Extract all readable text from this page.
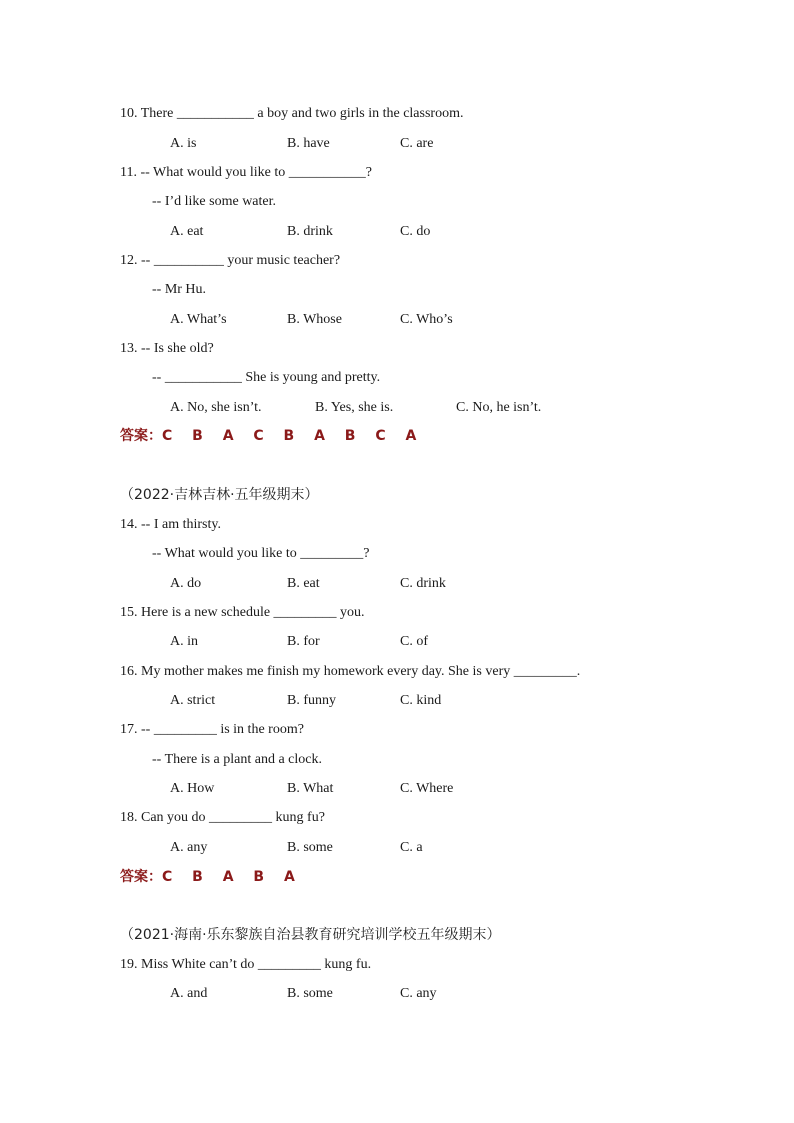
10. There ___________ a boy and two girls in the classroom.
A. is	B. have	C. are
11. -- What would you like to ___________?
-- I’d like some water.
A. eat	B. drink	C. do
12. -- __________ your music teacher?
-- Mr Hu.
A. What’s	B. Whose	C. Who’s
13. -- Is she old?
-- ___________ She is young and pretty.
A. No, she isn’t.	B. Yes, she is.	C. No, he isn’t.
答案：C B A C B A B C A
（2022·吉林吉林·五年级期末）
14. -- I am thirsty.
-- What would you like to _________?
A. do	B. eat	C. drink
15. Here is a new schedule _________ you.
A. in	B. for	C. of
16. My mother makes me finish my homework every day. She is very _________.
A. strict	B. funny	C. kind
17. -- _________ is in the room?
-- There is a plant and a clock.
A. How	B. What	C. Where
18. Can you do _________ kung fu?
A. any	B. some	C. a
答案：C B A B A
（2021·海南·乐东黎族自治县教育研究培训学校五年级期末）
19. Miss White can’t do _________ kung fu.
A. and	B. some	C. any
